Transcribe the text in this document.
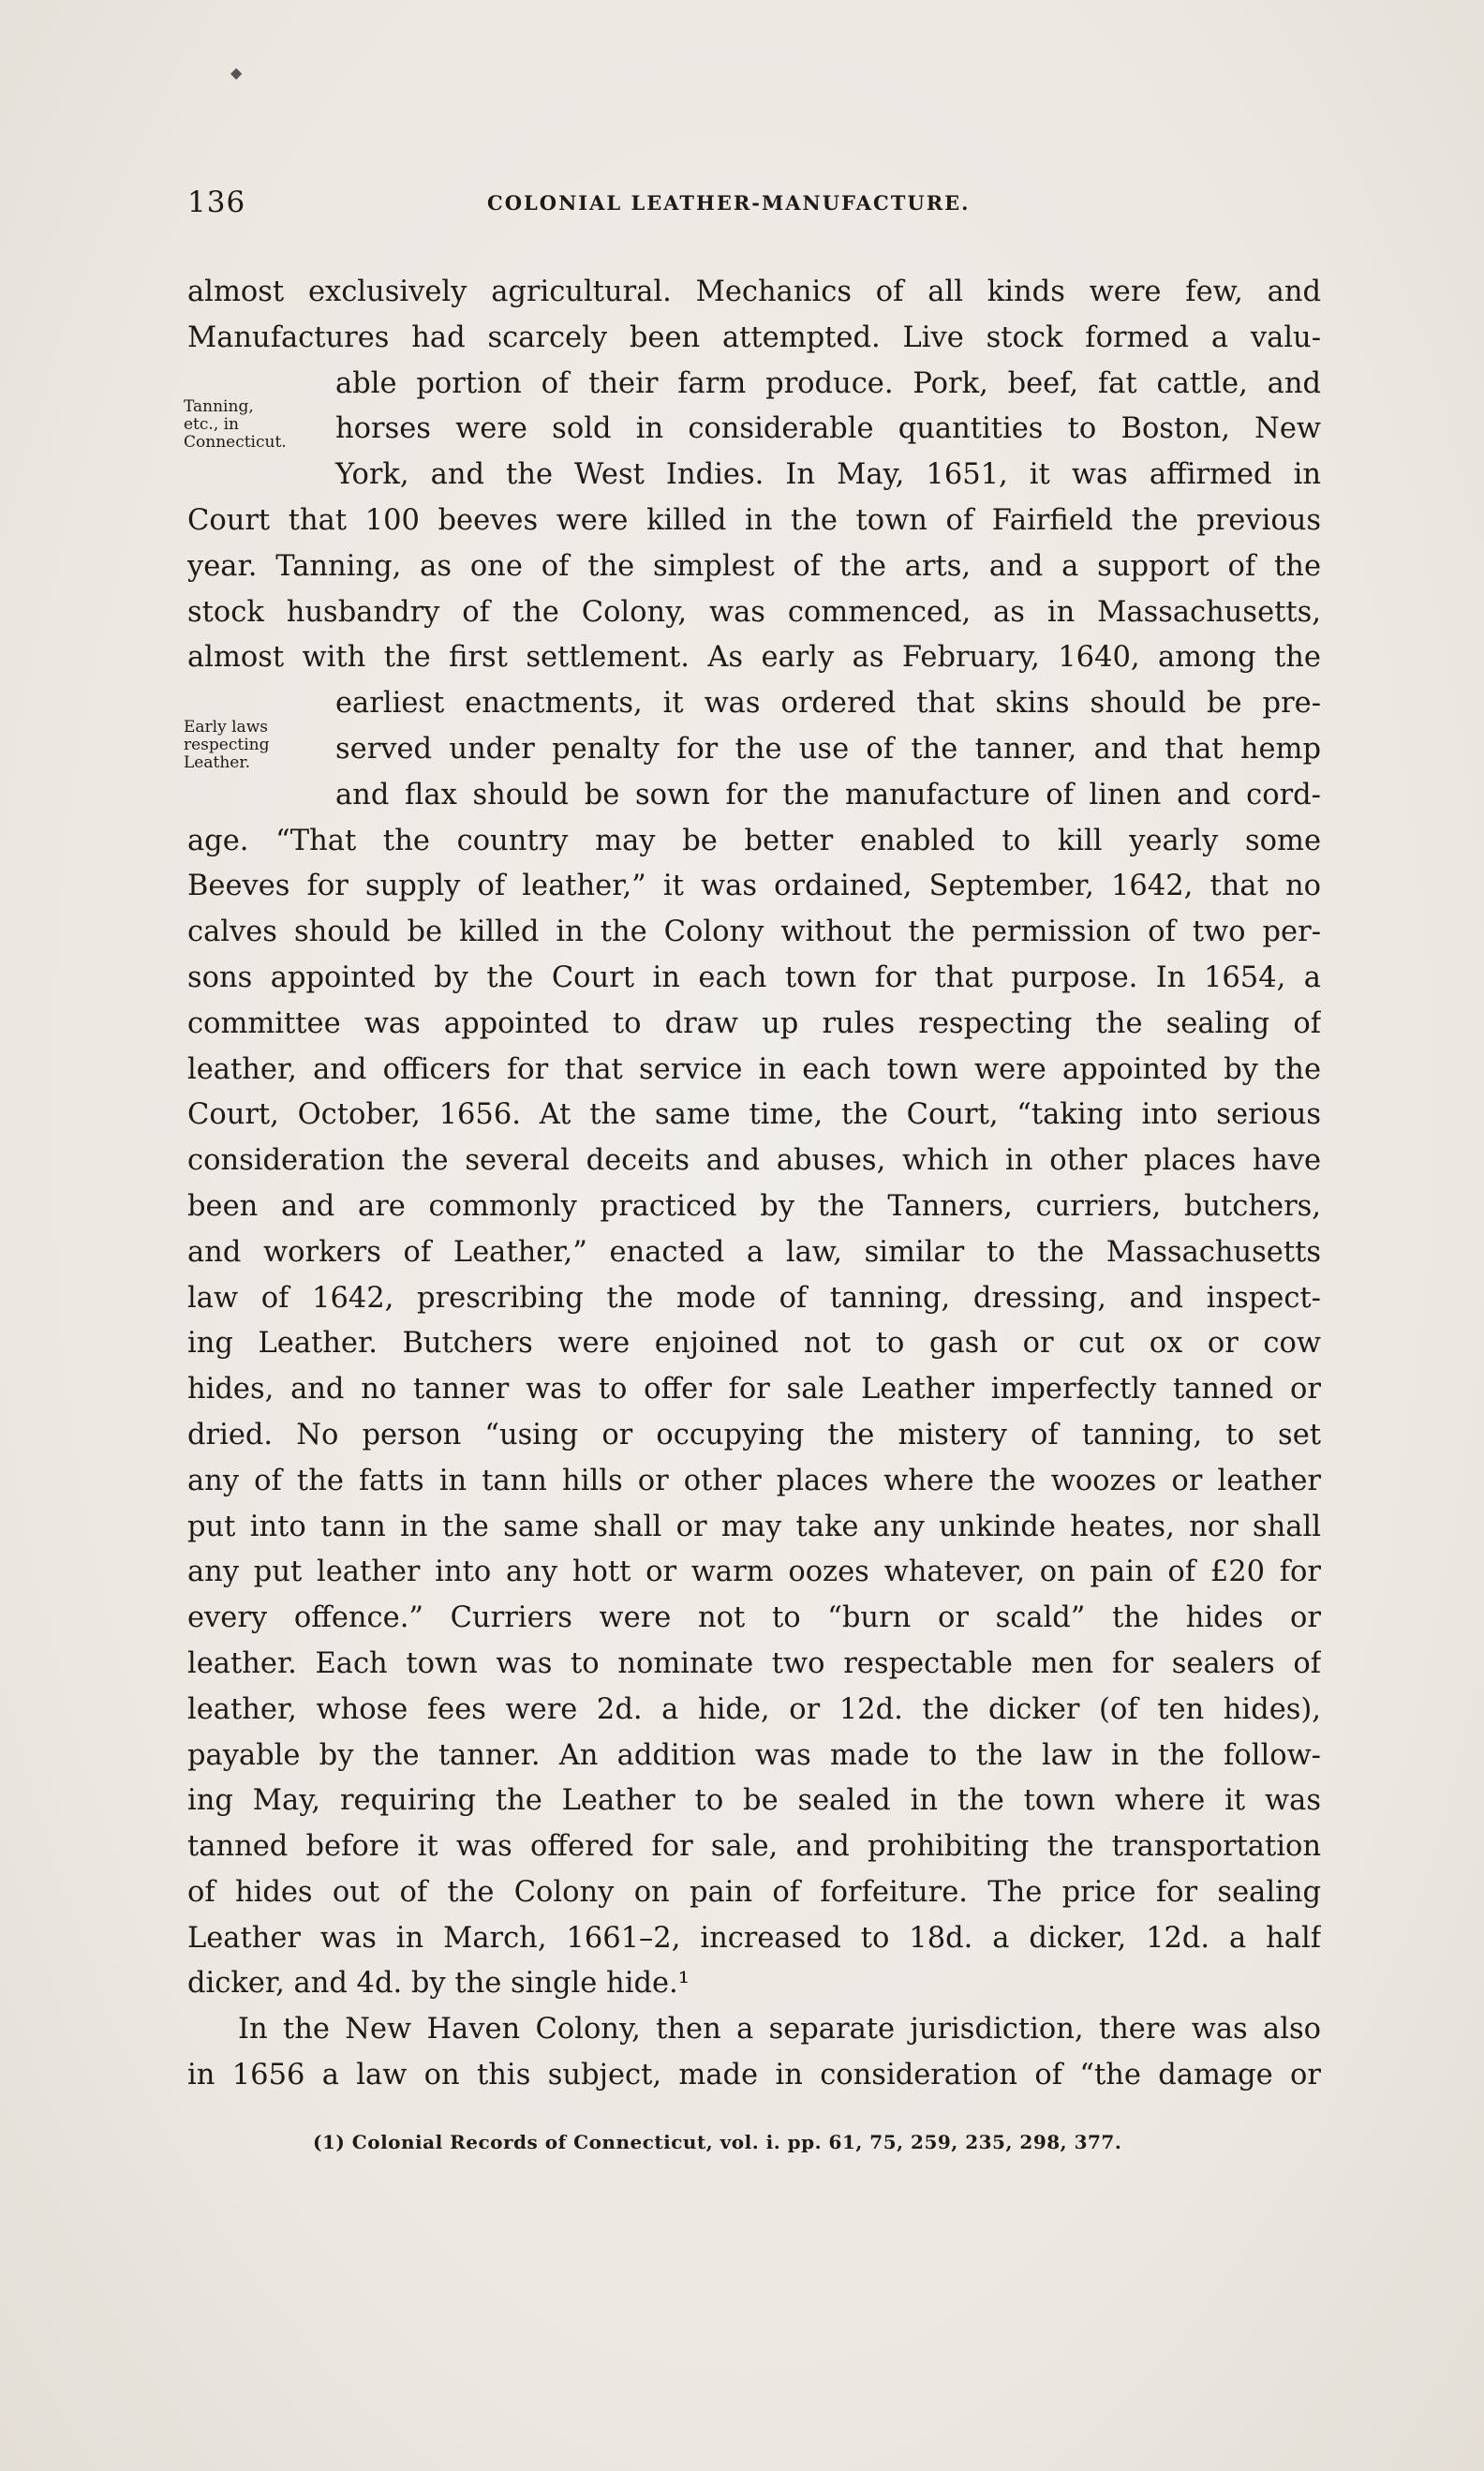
◆
136	COLONIAL LEATHER-MANUFACTURE.
Tanning,
etc., in
Connecticut.
Early laws
respecting
Leather.
almost exclusively agricultural. Mechanics of all kinds were few, and
Manufactures had scarcely been attempted. Live stock formed a valu-
able portion of their farm produce. Pork, beef, fat cattle, and
horses were sold in considerable quantities to Boston, New
York, and the West Indies. In May, 1651, it was affirmed in
Court that 100 beeves were killed in the town of Fairfield the previous
year. Tanning, as one of the simplest of the arts, and a support of the
stock husbandry of the Colony, was commenced, as in Massachusetts,
almost with the first settlement. As early as February, 1640, among the
earliest enactments, it was ordered that skins should be pre-
served under penalty for the use of the tanner, and that hemp
and flax should be sown for the manufacture of linen and cord-
age. “That the country may be better enabled to kill yearly some
Beeves for supply of leather,” it was ordained, September, 1642, that no
calves should be killed in the Colony without the permission of two per-
sons appointed by the Court in each town for that purpose. In 1654, a
committee was appointed to draw up rules respecting the sealing of
leather, and officers for that service in each town were appointed by the
Court, October, 1656. At the same time, the Court, “taking into serious
consideration the several deceits and abuses, which in other places have
been and are commonly practiced by the Tanners, curriers, butchers,
and workers of Leather,” enacted a law, similar to the Massachusetts
law of 1642, prescribing the mode of tanning, dressing, and inspect-
ing Leather. Butchers were enjoined not to gash or cut ox or cow
hides, and no tanner was to offer for sale Leather imperfectly tanned or
dried. No person “using or occupying the mistery of tanning, to set
any of the fatts in tann hills or other places where the woozes or leather
put into tann in the same shall or may take any unkinde heates, nor shall
any put leather into any hott or warm oozes whatever, on pain of £20 for
every offence.” Curriers were not to “burn or scald” the hides or
leather. Each town was to nominate two respectable men for sealers of
leather, whose fees were 2d. a hide, or 12d. the dicker (of ten hides),
payable by the tanner. An addition was made to the law in the follow-
ing May, requiring the Leather to be sealed in the town where it was
tanned before it was offered for sale, and prohibiting the transportation
of hides out of the Colony on pain of forfeiture. The price for sealing
Leather was in March, 1661–2, increased to 18d. a dicker, 12d. a half
dicker, and 4d. by the single hide.¹
In the New Haven Colony, then a separate jurisdiction, there was also
in 1656 a law on this subject, made in consideration of “the damage or
(1) Colonial Records of Connecticut, vol. i. pp. 61, 75, 259, 235, 298, 377.
